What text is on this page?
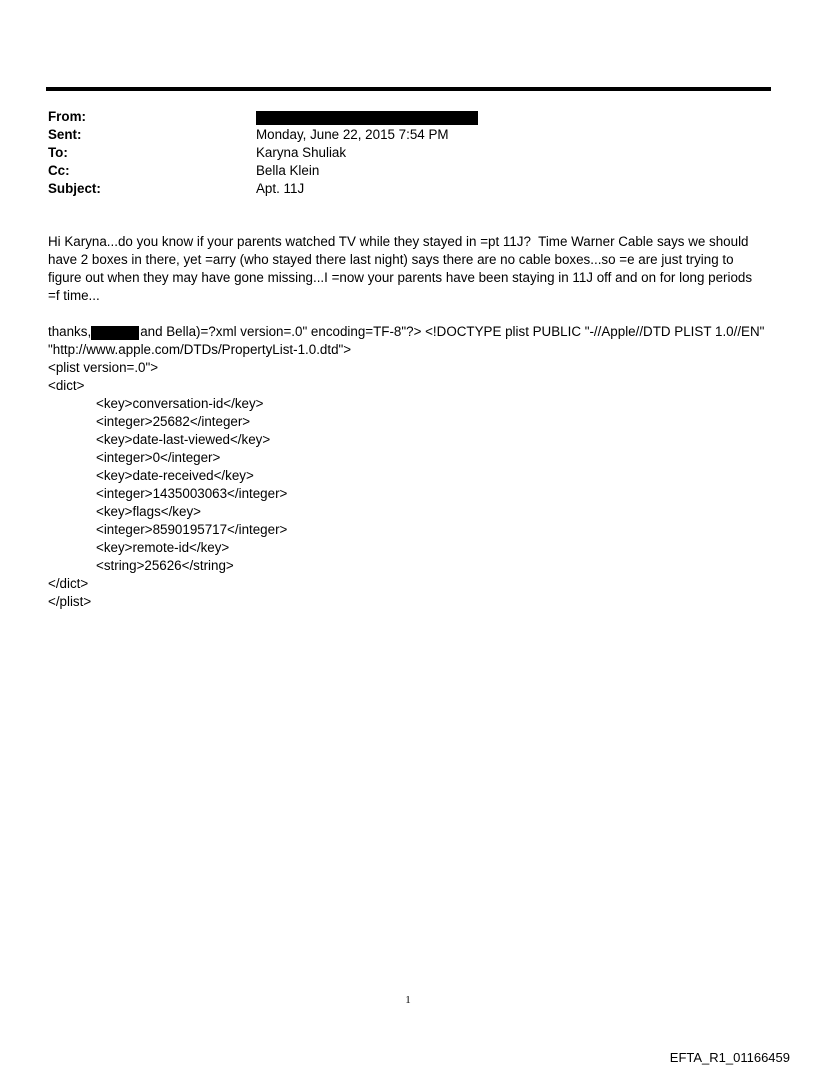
From:
Sent:	Monday, June 22, 2015 7:54 PM
To:	Karyna Shuliak
Cc:	Bella Klein
Subject:	Apt. 11J
Hi Karyna...do you know if your parents watched TV while they stayed in =pt 11J?  Time Warner Cable says we should
have 2 boxes in there, yet =arry (who stayed there last night) says there are no cable boxes...so =e are just trying to
figure out when they may have gone missing...I =now your parents have been staying in 11J off and on for long periods
=f time...
thanks,	and Bella)=?xml version=.0" encoding=TF-8"?> <!DOCTYPE plist PUBLIC "-//Apple//DTD PLIST 1.0//EN"
"http://www.apple.com/DTDs/PropertyList-1.0.dtd">
<plist version=.0">
<dict>
<key>conversation-id</key>
<integer>25682</integer>
<key>date-last-viewed</key>
<integer>0</integer>
<key>date-received</key>
<integer>1435003063</integer>
<key>flags</key>
<integer>8590195717</integer>
<key>remote-id</key>
<string>25626</string>
</dict>
</plist>
1
EFTA_R1_01166459
